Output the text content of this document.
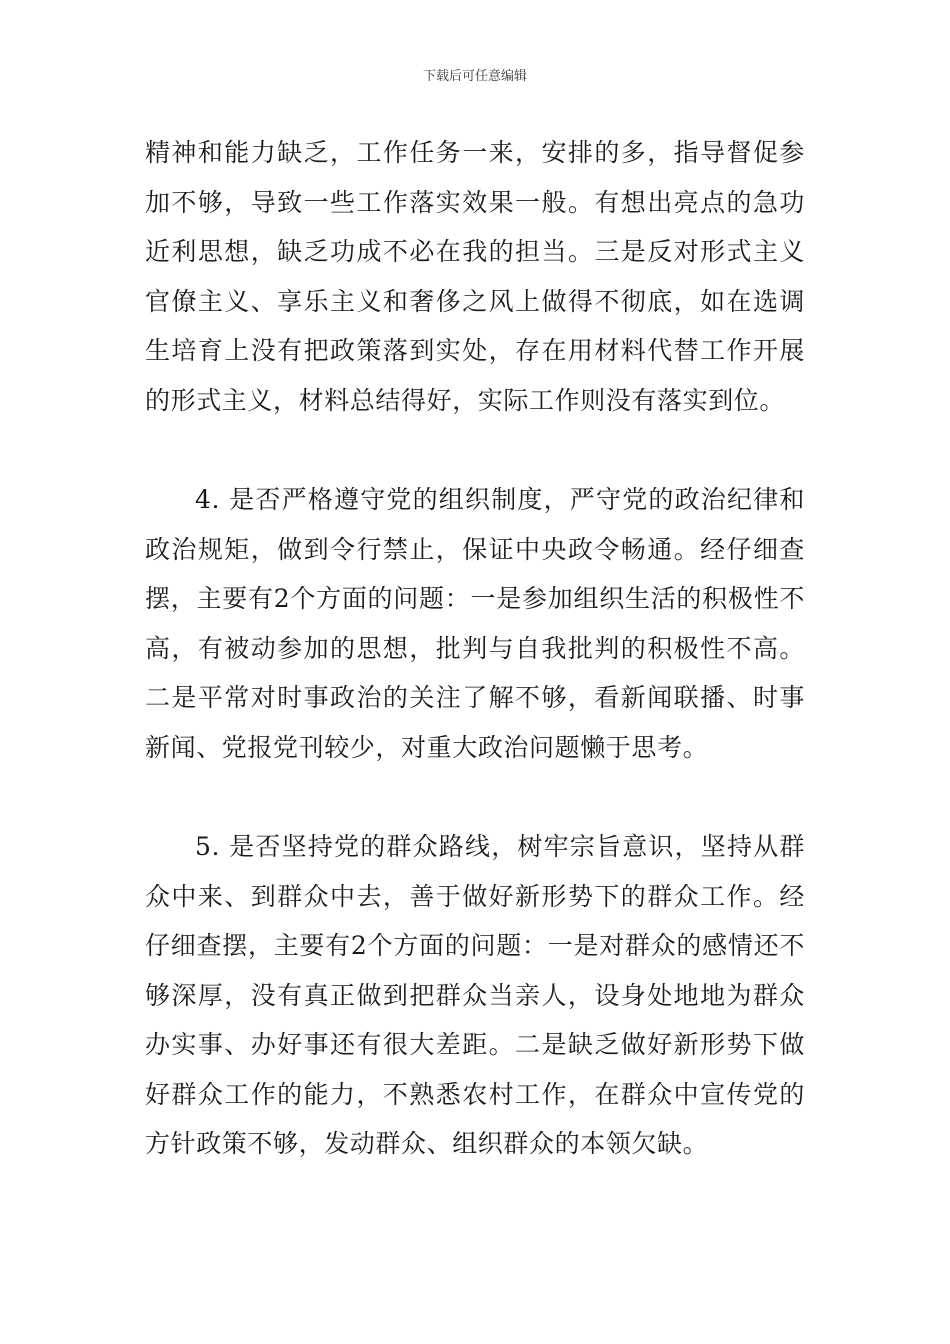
下载后可任意编辑

精神和能力缺乏，工作任务一来，安排的多，指导督促参加不够，导致一些工作落实效果一般。有想出亮点的急功近利思想，缺乏功成不必在我的担当。三是反对形式主义官僚主义、享乐主义和奢侈之风上做得不彻底，如在选调生培育上没有把政策落到实处，存在用材料代替工作开展的形式主义，材料总结得好，实际工作则没有落实到位。

4. 是否严格遵守党的组织制度，严守党的政治纪律和政治规矩，做到令行禁止，保证中央政令畅通。经仔细查摆，主要有2个方面的问题：一是参加组织生活的积极性不高，有被动参加的思想，批判与自我批判的积极性不高。二是平常对时事政治的关注了解不够，看新闻联播、时事新闻、党报党刊较少，对重大政治问题懒于思考。

5. 是否坚持党的群众路线，树牢宗旨意识，坚持从群众中来、到群众中去，善于做好新形势下的群众工作。经仔细查摆，主要有2个方面的问题：一是对群众的感情还不够深厚，没有真正做到把群众当亲人，设身处地地为群众办实事、办好事还有很大差距。二是缺乏做好新形势下做好群众工作的能力，不熟悉农村工作，在群众中宣传党的方针政策不够，发动群众、组织群众的本领欠缺。
